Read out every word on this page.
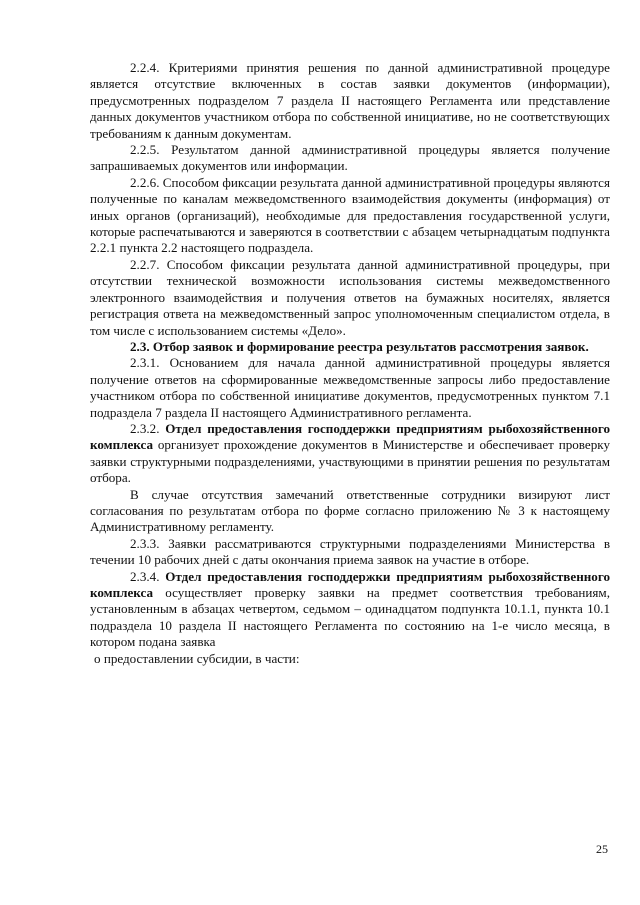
2.2.4. Критериями принятия решения по данной административной процедуре является отсутствие включенных в состав заявки документов (информации), предусмотренных подразделом 7 раздела II настоящего Регламента или представление данных документов участником отбора по собственной инициативе, но не соответствующих требованиям к данным документам.

2.2.5. Результатом данной административной процедуры является получение запрашиваемых документов или информации.

2.2.6. Способом фиксации результата данной административной процедуры являются полученные по каналам межведомственного взаимодействия документы (информация) от иных органов (организаций), необходимые для предоставления государственной услуги, которые распечатываются и заверяются в соответствии с абзацем четырнадцатым подпункта 2.2.1 пункта 2.2 настоящего подраздела.

2.2.7. Способом фиксации результата данной административной процедуры, при отсутствии технической возможности использования системы межведомственного электронного взаимодействия и получения ответов на бумажных носителях, является регистрация ответа на межведомственный запрос уполномоченным специалистом отдела, в том числе с использованием системы «Дело».

2.3. Отбор заявок и формирование реестра результатов рассмотрения заявок.

2.3.1. Основанием для начала данной административной процедуры является получение ответов на сформированные межведомственные запросы либо предоставление участником отбора по собственной инициативе документов, предусмотренных пунктом 7.1 подраздела 7 раздела II настоящего Административного регламента.

2.3.2. Отдел предоставления господдержки предприятиям рыбохозяйственного комплекса организует прохождение документов в Министерстве и обеспечивает проверку заявки структурными подразделениями, участвующими в принятии решения по результатам отбора.

В случае отсутствия замечаний ответственные сотрудники визируют лист согласования по результатам отбора по форме согласно приложению № 3 к настоящему Административному регламенту.

2.3.3. Заявки рассматриваются структурными подразделениями Министерства в течении 10 рабочих дней с даты окончания приема заявок на участие в отборе.

2.3.4. Отдел предоставления господдержки предприятиям рыбохозяйственного комплекса осуществляет проверку заявки на предмет соответствия требованиям, установленным в абзацах четвертом, седьмом – одинадцатом подпункта 10.1.1, пункта 10.1 подраздела 10 раздела II настоящего Регламента по состоянию на 1-е число месяца, в котором подана заявка

о предоставлении субсидии, в части:

25
